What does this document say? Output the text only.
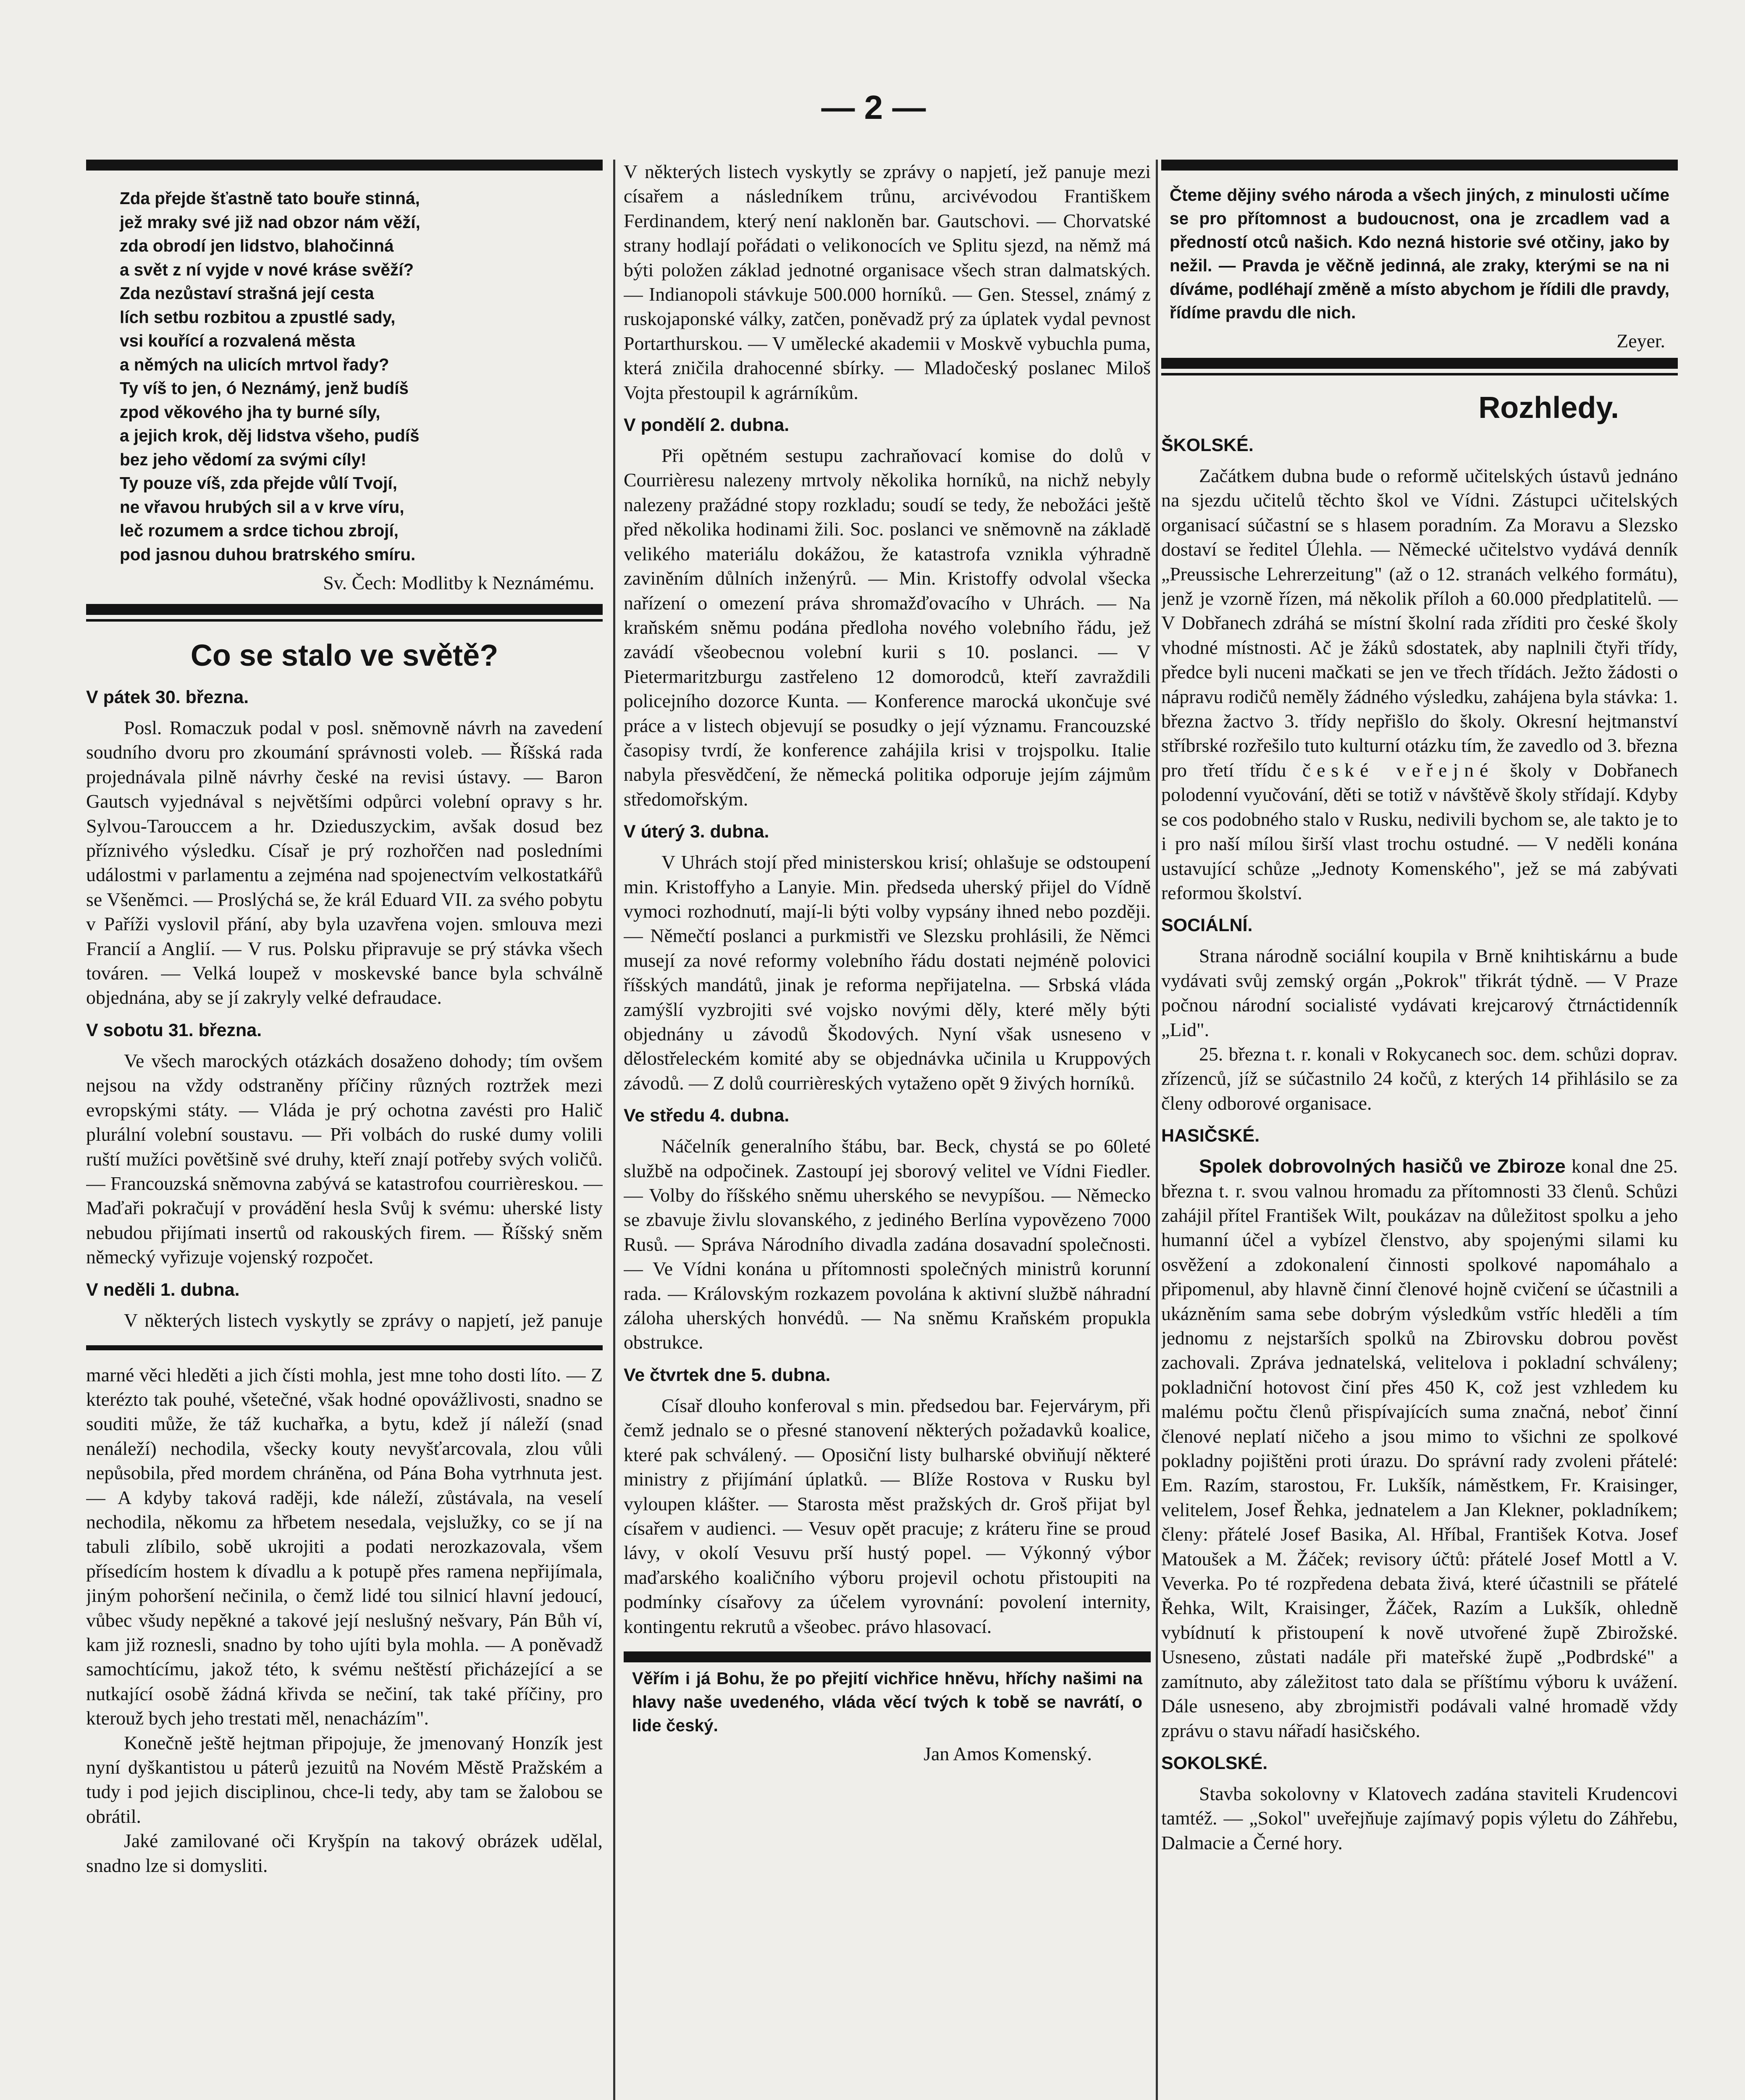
— 2 —
Zda přejde šťastně tato bouře stinná,
jež mraky své již nad obzor nám věží,
zda obrodí jen lidstvo, blahočinná
a svět z ní vyjde v nové kráse svěží?
Zda nezůstaví strašná její cesta
lích setbu rozbitou a zpustlé sady,
vsi kouřící a rozvalená města
a němých na ulicích mrtvol řady?
Ty víš to jen, ó Neznámý, jenž budíš
zpod věkového jha ty burné síly,
a jejich krok, děj lidstva všeho, pudíš
bez jeho vědomí za svými cíly!
Ty pouze víš, zda přejde vůlí Tvojí,
ne vřavou hrubých sil a v krve víru,
leč rozumem a srdce tichou zbrojí,
pod jasnou duhou bratrského smíru.
Sv. Čech: Modlitby k Neznámému.
Co se stalo ve světě?
V pátek 30. března.

Posl. Romaczuk podal v posl. sněmovně návrh na zavedení soudního dvoru pro zkoumání správnosti voleb. — Říšská rada projednávala pilně návrhy české na revisi ústavy. — Baron Gautsch vyjednával s největšími odpůrci volební opravy s hr. Sylvou-Tarouccem a hr. Dzieduszyckim, avšak dosud bez příznivého výsledku. Císař je prý rozhořčen nad posledními událostmi v parlamentu a zejména nad spojenectvím velkostatkářů se Všeněmci. — Proslýchá se, že král Eduard VII. za svého pobytu v Paříži vyslovil přání, aby byla uzavřena vojen. smlouva mezi Francií a Anglií. — V rus. Polsku připravuje se prý stávka všech továren. — Velká loupež v moskevské bance byla schválně objednána, aby se jí zakryly velké defraudace.

V sobotu 31. března.

Ve všech marockých otázkách dosaženo dohody; tím ovšem nejsou na vždy odstraněny příčiny různých roztržek mezi evropskými státy. — Vláda je prý ochotna zavésti pro Halič plurální volební soustavu. — Při volbách do ruské dumy volili ruští mužíci povětšině své druhy, kteří znají potřeby svých voličů. — Francouzská sněmovna zabývá se katastrofou courrièreskou. — Maďaři pokračují v provádění hesla Svůj k svému: uherské listy nebudou přijímati insertů od rakouských firem. — Říšský sněm německý vyřizuje vojenský rozpočet.

V neděli 1. dubna.

V některých listech vyskytly se zprávy o napjetí, jež panuje

marné věci hleděti a jich čísti mohla, jest mne toho dosti líto. — Z kterézto tak pouhé, všetečné, však hodné opovážlivosti, snadno se souditi může, že táž kuchařka, a bytu, kdež jí náleží (snad nenáleží) nechodila, všecky kouty nevyšťarcovala, zlou vůli nepůsobila, před mordem chráněna, od Pána Boha vytrhnuta jest. — A kdyby taková raději, kde náleží, zůstávala, na veselí nechodila, někomu za hřbetem nesedala, vejslužky, co se jí na tabuli zlíbilo, sobě ukrojiti a podati nerozkazovala, všem přísedícím hostem k dívadlu a k potupě přes ramena nepřijímala, jiným pohoršení nečinila, o čemž lidé tou silnicí hlavní jedoucí, vůbec všudy nepěkné a takové její neslušný nešvary, Pán Bůh ví, kam již roznesli, snadno by toho ujíti byla mohla. — A poněvadž samochtícímu, jakož této, k svému neštěstí přicházející a se nutkající osobě žádná křivda se nečiní, tak také příčiny, pro kterouž bych jeho trestati měl, nenacházím".

Konečně ještě hejtman připojuje, že jmenovaný Honzík jest nyní dyškantistou u páterů jezuitů na Novém Městě Pražském a tudy i pod jejich disciplinou, chce-li tedy, aby tam se žalobou se obrátil.

Jaké zamilované oči Kryšpín na takový obrázek udělal, snadno lze si domysliti.

V některých listech vyskytly se zprávy o napjetí, jež panuje mezi císařem a následníkem trůnu, arcivévodou Františkem Ferdinandem, který není nakloněn bar. Gautschovi. — Chorvatské strany hodlají pořádati o velikonocích ve Splitu sjezd, na němž má býti položen základ jednotné organisace všech stran dalmatských. — Indianopoli stávkuje 500.000 horníků. — Gen. Stessel, známý z ruskojaponské války, zatčen, poněvadž prý za úplatek vydal pevnost Portarthurskou. — V umělecké akademii v Moskvě vybuchla puma, která zničila drahocenné sbírky. — Mladočeský poslanec Miloš Vojta přestoupil k agrárníkům.

V pondělí 2. dubna.

Při opětném sestupu zachraňovací komise do dolů v Courrièresu nalezeny mrtvoly několika horníků, na nichž nebyly nalezeny pražádné stopy rozkladu; soudí se tedy, že nebožáci ještě před několika hodinami žili. Soc. poslanci ve sněmovně na základě velikého materiálu dokážou, že katastrofa vznikla výhradně zaviněním důlních inženýrů. — Min. Kristoffy odvolal všecka nařízení o omezení práva shromažďovacího v Uhrách. — Na kraňském sněmu podána předloha nového volebního řádu, jež zavádí všeobecnou volební kurii s 10. poslanci. — V Pietermaritzburgu zastřeleno 12 domorodců, kteří zavraždili policejního dozorce Kunta. — Konference marocká ukončuje své práce a v listech objevují se posudky o její významu. Francouzské časopisy tvrdí, že konference zahájila krisi v trojspolku. Italie nabyla přesvědčení, že německá politika odporuje jejím zájmům středomořským.

V úterý 3. dubna.

V Uhrách stojí před ministerskou krisí; ohlašuje se odstoupení min. Kristoffyho a Lanyie. Min. předseda uherský přijel do Vídně vymoci rozhodnutí, mají-li býti volby vypsány ihned nebo později. — Němečtí poslanci a purkmistři ve Slezsku prohlásili, že Němci musejí za nové reformy volebního řádu dostati nejméně polovici říšských mandátů, jinak je reforma nepřijatelna. — Srbská vláda zamýšlí vyzbrojiti své vojsko novými děly, které měly býti objednány u závodů Škodových. Nyní však usneseno v dělostřeleckém komité aby se objednávka učinila u Kruppových závodů. — Z dolů courrièreských vytaženo opět 9 živých horníků.

Ve středu 4. dubna.

Náčelník generalního štábu, bar. Beck, chystá se po 60leté službě na odpočinek. Zastoupí jej sborový velitel ve Vídni Fiedler. — Volby do říšského sněmu uherského se nevypíšou. — Německo se zbavuje živlu slovanského, z jediného Berlína vypovězeno 7000 Rusů. — Správa Národního divadla zadána dosavadní společnosti. — Ve Vídni konána u přítomnosti společných ministrů korunní rada. — Královským rozkazem povolána k aktivní službě náhradní záloha uherských honvédů. — Na sněmu Kraňském propukla obstrukce.

Ve čtvrtek dne 5. dubna.

Císař dlouho konferoval s min. předsedou bar. Fejervárym, při čemž jednalo se o přesné stanovení některých požadavků koalice, které pak schválený. — Oposiční listy bulharské obviňují některé ministry z přijímání úplatků. — Blíže Rostova v Rusku byl vyloupen klášter. — Starosta měst pražských dr. Groš přijat byl císařem v audienci. — Vesuv opět pracuje; z kráteru řine se proud lávy, v okolí Vesuvu prší hustý popel. — Výkonný výbor maďarského koaličního výboru projevil ochotu přistoupiti na podmínky císařovy za účelem vyrovnání: povolení internity, kontingentu rekrutů a všeobec. právo hlasovací.

Věřím i já Bohu, že po přejití vichřice hněvu, hříchy našimi na hlavy naše uvedeného, vláda věcí tvých k tobě se navrátí, o lide český.
Jan Amos Komenský.
Čteme dějiny svého národa a všech jiných, z minulosti učíme se pro přítomnost a budoucnost, ona je zrcadlem vad a předností otců našich. Kdo nezná historie své otčiny, jako by nežil. — Pravda je věčně jedinná, ale zraky, kterými se na ni díváme, podléhají změně a místo abychom je řídili dle pravdy, řídíme pravdu dle nich.
Zeyer.
Rozhledy.
ŠKOLSKÉ.

Začátkem dubna bude o reformě učitelských ústavů jednáno na sjezdu učitelů těchto škol ve Vídni. Zástupci učitelských organisací súčastní se s hlasem poradním. Za Moravu a Slezsko dostaví se ředitel Úlehla. — Německé učitelstvo vydává denník „Preussische Lehrerzeitung" (až o 12. stranách velkého formátu), jenž je vzorně řízen, má několik příloh a 60.000 předplatitelů. — V Dobřanech zdráhá se místní školní rada zříditi pro české školy vhodné místnosti. Ač je žáků sdostatek, aby naplnili čtyři třídy, předce byli nuceni mačkati se jen ve třech třídách. Ježto žádosti o nápravu rodičů neměly žádného výsledku, zahájena byla stávka: 1. března žactvo 3. třídy nepřišlo do školy. Okresní hejtmanství stříbrské rozřešilo tuto kulturní otázku tím, že zavedlo od 3. března pro třetí třídu české veřejné školy v Dobřanech polodenní vyučování, děti se totiž v návštěvě školy střídají. Kdyby se cos podobného stalo v Rusku, nedivili bychom se, ale takto je to i pro naší mílou širší vlast trochu ostudné. — V neděli konána ustavující schůze „Jednoty Komenského", jež se má zabývati reformou školství.

SOCIÁLNÍ.

Strana národně sociální koupila v Brně knihtiskárnu a bude vydávati svůj zemský orgán „Pokrok" třikrát týdně. — V Praze počnou národní socialisté vydávati krejcarový čtrnáctidenník „Lid".

25. března t. r. konali v Rokycanech soc. dem. schůzi doprav. zřízenců, jíž se súčastnilo 24 kočů, z kterých 14 přihlásilo se za členy odborové organisace.

HASIČSKÉ.

Spolek dobrovolných hasičů ve Zbiroze konal dne 25. března t. r. svou valnou hromadu za přítomnosti 33 členů. Schůzi zahájil přítel František Wilt, poukázav na důležitost spolku a jeho humanní účel a vybízel členstvo, aby spojenými silami ku osvěžení a zdokonalení činnosti spolkové napomáhalo a připomenul, aby hlavně činní členové hojně cvičení se účastnili a ukázněním sama sebe dobrým výsledkům vstříc hleděli a tím jednomu z nejstarších spolků na Zbirovsku dobrou pověst zachovali. Zpráva jednatelská, velitelova i pokladní schváleny; pokladniční hotovost činí přes 450 K, což jest vzhledem ku malému počtu členů přispívajících suma značná, neboť činní členové neplatí ničeho a jsou mimo to všichni ze spolkové pokladny pojištěni proti úrazu. Do správní rady zvoleni přátelé: Em. Razím, starostou, Fr. Lukšík, náměstkem, Fr. Kraisinger, velitelem, Josef Řehka, jednatelem a Jan Klekner, pokladníkem; členy: přátelé Josef Basika, Al. Hříbal, František Kotva. Josef Matoušek a M. Žáček; revisory účtů: přátelé Josef Mottl a V. Veverka. Po té rozpředena debata živá, které účastnili se přátelé Řehka, Wilt, Kraisinger, Žáček, Razím a Lukšík, ohledně vybídnutí k přistoupení k nově utvořené župě Zbirožské. Usneseno, zůstati nadále při mateřské župě „Podbrdské" a zamítnuto, aby záležitost tato dala se příštímu výboru k uvážení. Dále usneseno, aby zbrojmistři podávali valné hromadě vždy zprávu o stavu nářadí hasičského.

SOKOLSKÉ.

Stavba sokolovny v Klatovech zadána staviteli Krudencovi tamtéž. — „Sokol" uveřejňuje zajímavý popis výletu do Záhřebu, Dalmacie a Černé hory.
